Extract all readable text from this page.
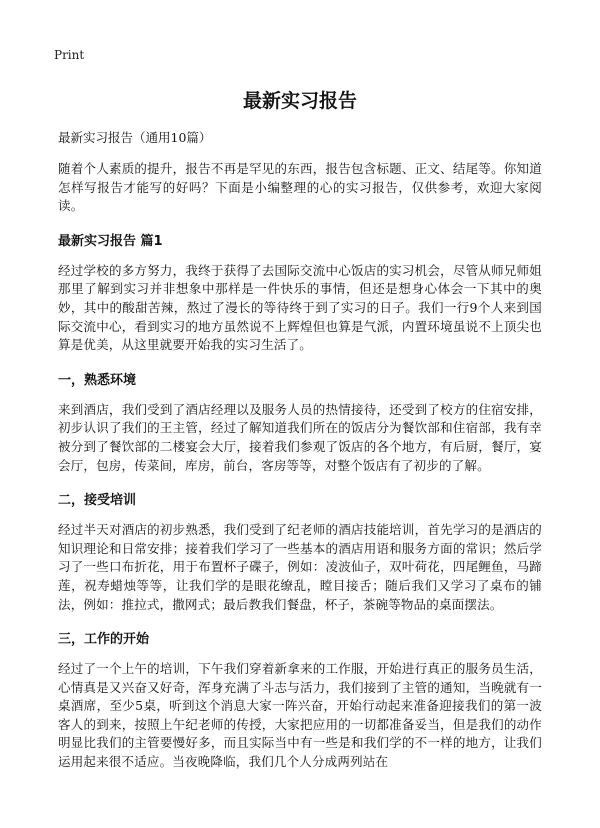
Print
最新实习报告
最新实习报告（通用10篇）

随着个人素质的提升，报告不再是罕见的东西，报告包含标题、正文、结尾等。你知道怎样写报告才能写的好吗？下面是小编整理的心的实习报告，仅供参考，欢迎大家阅读。

最新实习报告 篇1

经过学校的多方努力，我终于获得了去国际交流中心饭店的实习机会，尽管从师兄师姐那里了解到实习并非想象中那样是一件快乐的事情，但还是想身心体会一下其中的奥妙，其中的酸甜苦辣，熬过了漫长的等待终于到了实习的日子。我们一行9个人来到国际交流中心，看到实习的地方虽然说不上辉煌但也算是气派，内置环境虽说不上顶尖也算是优美，从这里就要开始我的实习生活了。

一，熟悉环境

来到酒店，我们受到了酒店经理以及服务人员的热情接待，还受到了校方的住宿安排，初步认识了我们的王主管，经过了解知道我们所在的饭店分为餐饮部和住宿部，我有幸被分到了餐饮部的二楼宴会大厅，接着我们参观了饭店的各个地方，有后厨，餐厅，宴会厅，包房，传菜间，库房，前台，客房等等，对整个饭店有了初步的了解。

二，接受培训

经过半天对酒店的初步熟悉，我们受到了纪老师的酒店技能培训，首先学习的是酒店的知识理论和日常安排；接着我们学习了一些基本的酒店用语和服务方面的常识；然后学习了一些口布折花，用于布置杯子碟子，例如：凌波仙子，双叶荷花，四尾鲤鱼，马蹄莲，祝寿蜡烛等等，让我们学的是眼花缭乱，瞠目接舌；随后我们又学习了桌布的铺法，例如：推拉式，撒网式；最后教我们餐盘，杯子，茶碗等物品的桌面摆法。

三，工作的开始

经过了一个上午的培训，下午我们穿着新拿来的工作服，开始进行真正的服务员生活，心情真是又兴奋又好奇，浑身充满了斗志与活力，我们接到了主管的通知，当晚就有一桌酒席，至少5桌，听到这个消息大家一阵兴奋，开始行动起来准备迎接我们的第一波客人的到来，按照上午纪老师的传授，大家把应用的一切都准备妥当，但是我们的动作明显比我们的主管要慢好多，而且实际当中有一些是和我们学的不一样的地方，让我们运用起来很不适应。当夜晚降临，我们几个人分成两列站在
